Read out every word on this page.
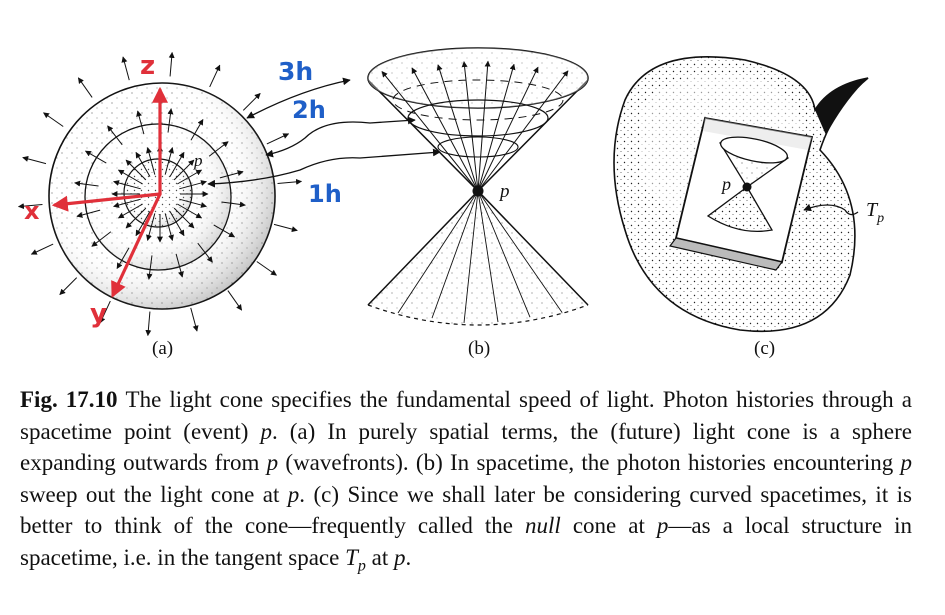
z
x
y
p
p	p
$T_p$
3h
2h
1h
(a)	(b)	(c)
Fig. 17.10 The light cone specifies the fundamental speed of light. Photon histories through a spacetime point (event) p. (a) In purely spatial terms, the (future) light cone is a sphere expanding outwards from p (wavefronts). (b) In spacetime, the photon histories encountering p sweep out the light cone at p. (c) Since we shall later be considering curved spacetimes, it is better to think of the cone—frequently called the null cone at p—as a local structure in spacetime, i.e. in the tangent space $T_p$ at p.
